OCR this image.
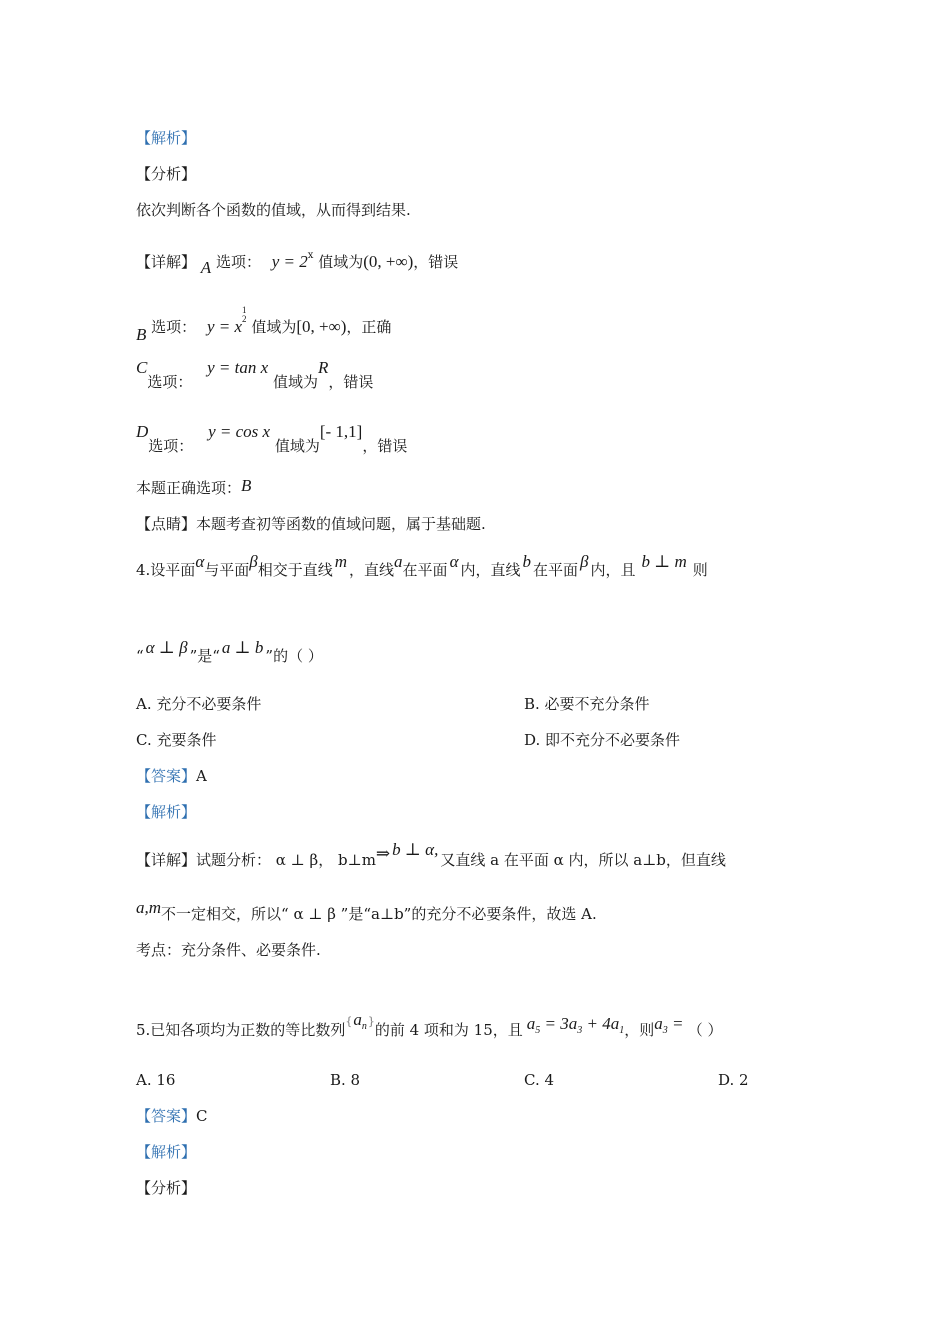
【解析】
【分析】
依次判断各个函数的值域，从而得到结果.
【详解】 A 选项： $y = 2^x$ 值域为(0, +∞)，错误
B 选项： y = x1
2 值域为[0, +∞)，正确
C选项： y = tan x 值域为R，错误
D选项： y = cos x 值域为[- 1,1]，错误
本题正确选项：B
【点睛】本题考查初等函数的值域问题，属于基础题.
4.设平面α与平面β相交于直线 m ，直线a在平面 α 内，直线 b 在平面 β 内，且 b ⊥ m 则
“ α ⊥ β ”是“ a ⊥ b ”的（ ）
A. 充分不必要条件	B. 必要不充分条件
C. 充要条件	D. 即不充分不必要条件
【答案】A
【解析】
【详解】试题分析： α ⊥ β， b⊥m⇒ b ⊥ α,又直线 a 在平面 α 内，所以 a⊥b，但直线
a,m不一定相交，所以“ α ⊥ β ”是“a⊥b”的充分不必要条件，故选 A.
考点：充分条件、必要条件.
5.已知各项均为正数的等比数列$^{\{}a_n^{\}}$的前 4 项和为 15，且 $a_5 = 3a_3 + 4a_1$，则$a_3$ = （ ）
A. 16	B. 8	C. 4	D. 2
【答案】C
【解析】
【分析】
